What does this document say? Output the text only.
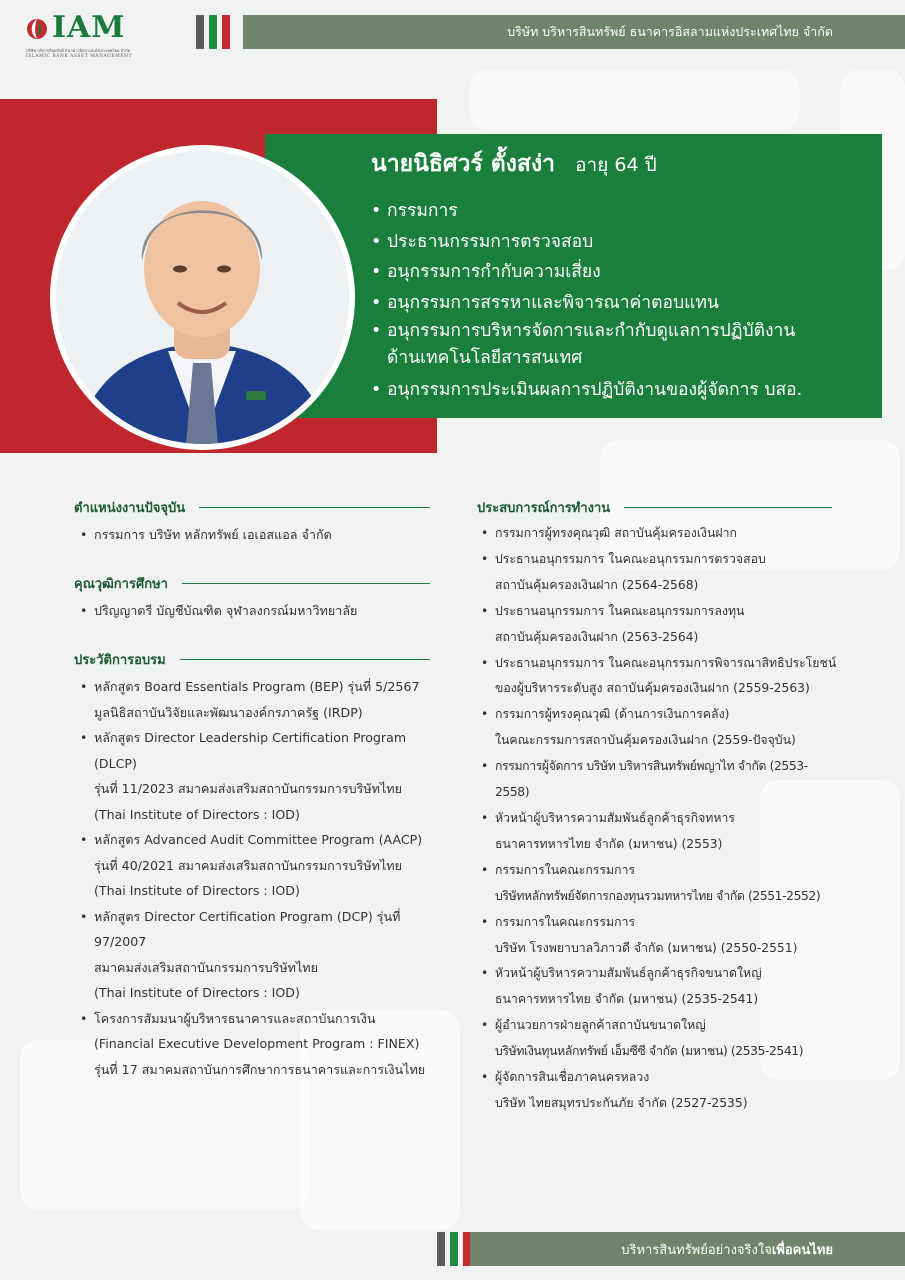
IAM
บริษัท บริหารสินทรัพย์ ธนาคารอิสลามแห่งประเทศไทย จำกัด
ISLAMIC BANK ASSET MANAGEMENT
บริษัท บริหารสินทรัพย์ ธนาคารอิสลามแห่งประเทศไทย จำกัด
นายนิธิศวร์ ตั้งสง่า อายุ 64 ปี
• กรรมการ
• ประธานกรรมการตรวจสอบ
• อนุกรรมการกำกับความเสี่ยง
• อนุกรรมการสรรหาและพิจารณาค่าตอบแทน
• อนุกรรมการบริหารจัดการและกำกับดูแลการปฏิบัติงาน
ด้านเทคโนโลยีสารสนเทศ
• อนุกรรมการประเมินผลการปฏิบัติงานของผู้จัดการ บสอ.
ตำแหน่งงานปัจจุบัน
• กรรมการ บริษัท หลักทรัพย์ เอเอสแอล จำกัด
คุณวุฒิการศึกษา
• ปริญญาตรี บัญชีบัณฑิต จุฬาลงกรณ์มหาวิทยาลัย
ประวัติการอบรม
• หลักสูตร Board Essentials Program (BEP) รุ่นที่ 5/2567
มูลนิธิสถาบันวิจัยและพัฒนาองค์กรภาครัฐ (IRDP)
• หลักสูตร Director Leadership Certification Program (DLCP)
รุ่นที่ 11/2023 สมาคมส่งเสริมสถาบันกรรมการบริษัทไทย
(Thai Institute of Directors : IOD)
• หลักสูตร Advanced Audit Committee Program (AACP)
รุ่นที่ 40/2021 สมาคมส่งเสริมสถาบันกรรมการบริษัทไทย
(Thai Institute of Directors : IOD)
• หลักสูตร Director Certification Program (DCP) รุ่นที่ 97/2007
สมาคมส่งเสริมสถาบันกรรมการบริษัทไทย
(Thai Institute of Directors : IOD)
• โครงการสัมมนาผู้บริหารธนาคารและสถาบันการเงิน
(Financial Executive Development Program : FINEX)
รุ่นที่ 17 สมาคมสถาบันการศึกษาการธนาคารและการเงินไทย
ประสบการณ์การทำงาน
• กรรมการผู้ทรงคุณวุฒิ สถาบันคุ้มครองเงินฝาก
• ประธานอนุกรรมการ ในคณะอนุกรรมการตรวจสอบ
สถาบันคุ้มครองเงินฝาก (2564-2568)
• ประธานอนุกรรมการ ในคณะอนุกรรมการลงทุน
สถาบันคุ้มครองเงินฝาก (2563-2564)
• ประธานอนุกรรมการ ในคณะอนุกรรมการพิจารณาสิทธิประโยชน์
ของผู้บริหารระดับสูง สถาบันคุ้มครองเงินฝาก (2559-2563)
• กรรมการผู้ทรงคุณวุฒิ (ด้านการเงินการคลัง)
ในคณะกรรมการสถาบันคุ้มครองเงินฝาก (2559-ปัจจุบัน)
• กรรมการผู้จัดการ บริษัท บริหารสินทรัพย์พญาไท จำกัด (2553-2558)
• หัวหน้าผู้บริหารความสัมพันธ์ลูกค้าธุรกิจทหาร
ธนาคารทหารไทย จำกัด (มหาชน) (2553)
• กรรมการในคณะกรรมการ
บริษัทหลักทรัพย์จัดการกองทุนรวมทหารไทย จำกัด (2551-2552)
• กรรมการในคณะกรรมการ
บริษัท โรงพยาบาลวิภาวดี จำกัด (มหาชน) (2550-2551)
• หัวหน้าผู้บริหารความสัมพันธ์ลูกค้าธุรกิจขนาดใหญ่
ธนาคารทหารไทย จำกัด (มหาชน) (2535-2541)
• ผู้อำนวยการฝ่ายลูกค้าสถาบันขนาดใหญ่
บริษัทเงินทุนหลักทรัพย์ เอ็มซีซี จำกัด (มหาชน) (2535-2541)
• ผู้จัดการสินเชื่อภาคนครหลวง
บริษัท ไทยสมุทรประกันภัย จำกัด (2527-2535)
บริหารสินทรัพย์อย่างจริงใจเพื่อคนไทย
